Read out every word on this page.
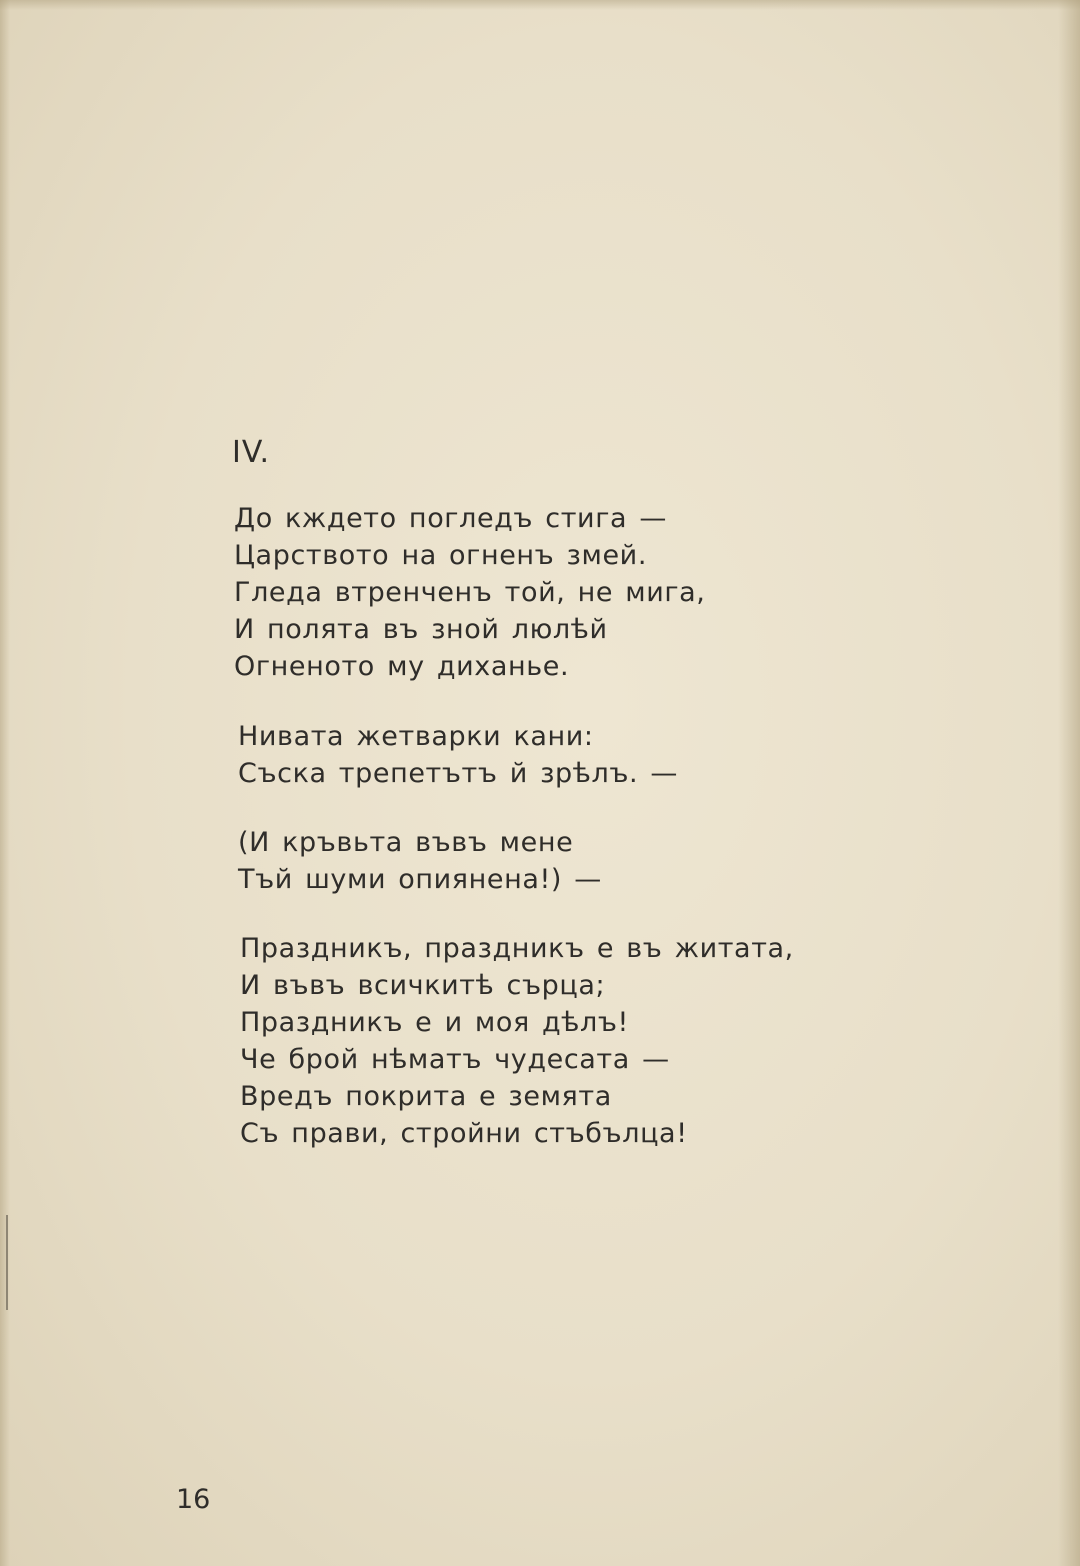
IV.
До кждето погледъ стига —
Царството на огненъ змей.
Гледа втренченъ той, не мига,
И полята въ зной люлѣй
Огненото му диханье.
Нивата жетварки кани:
Съска трепетътъ й зрѣлъ. —
(И кръвьта въвъ мене
Тъй шуми опиянена!) —
Праздникъ, праздникъ е въ житата,
И въвъ всичкитѣ сърца;
Праздникъ е и моя дѣлъ!
Че брой нѣматъ чудесата —
Вредъ покрита е земята
Съ прави, стройни стъбълца!
16
